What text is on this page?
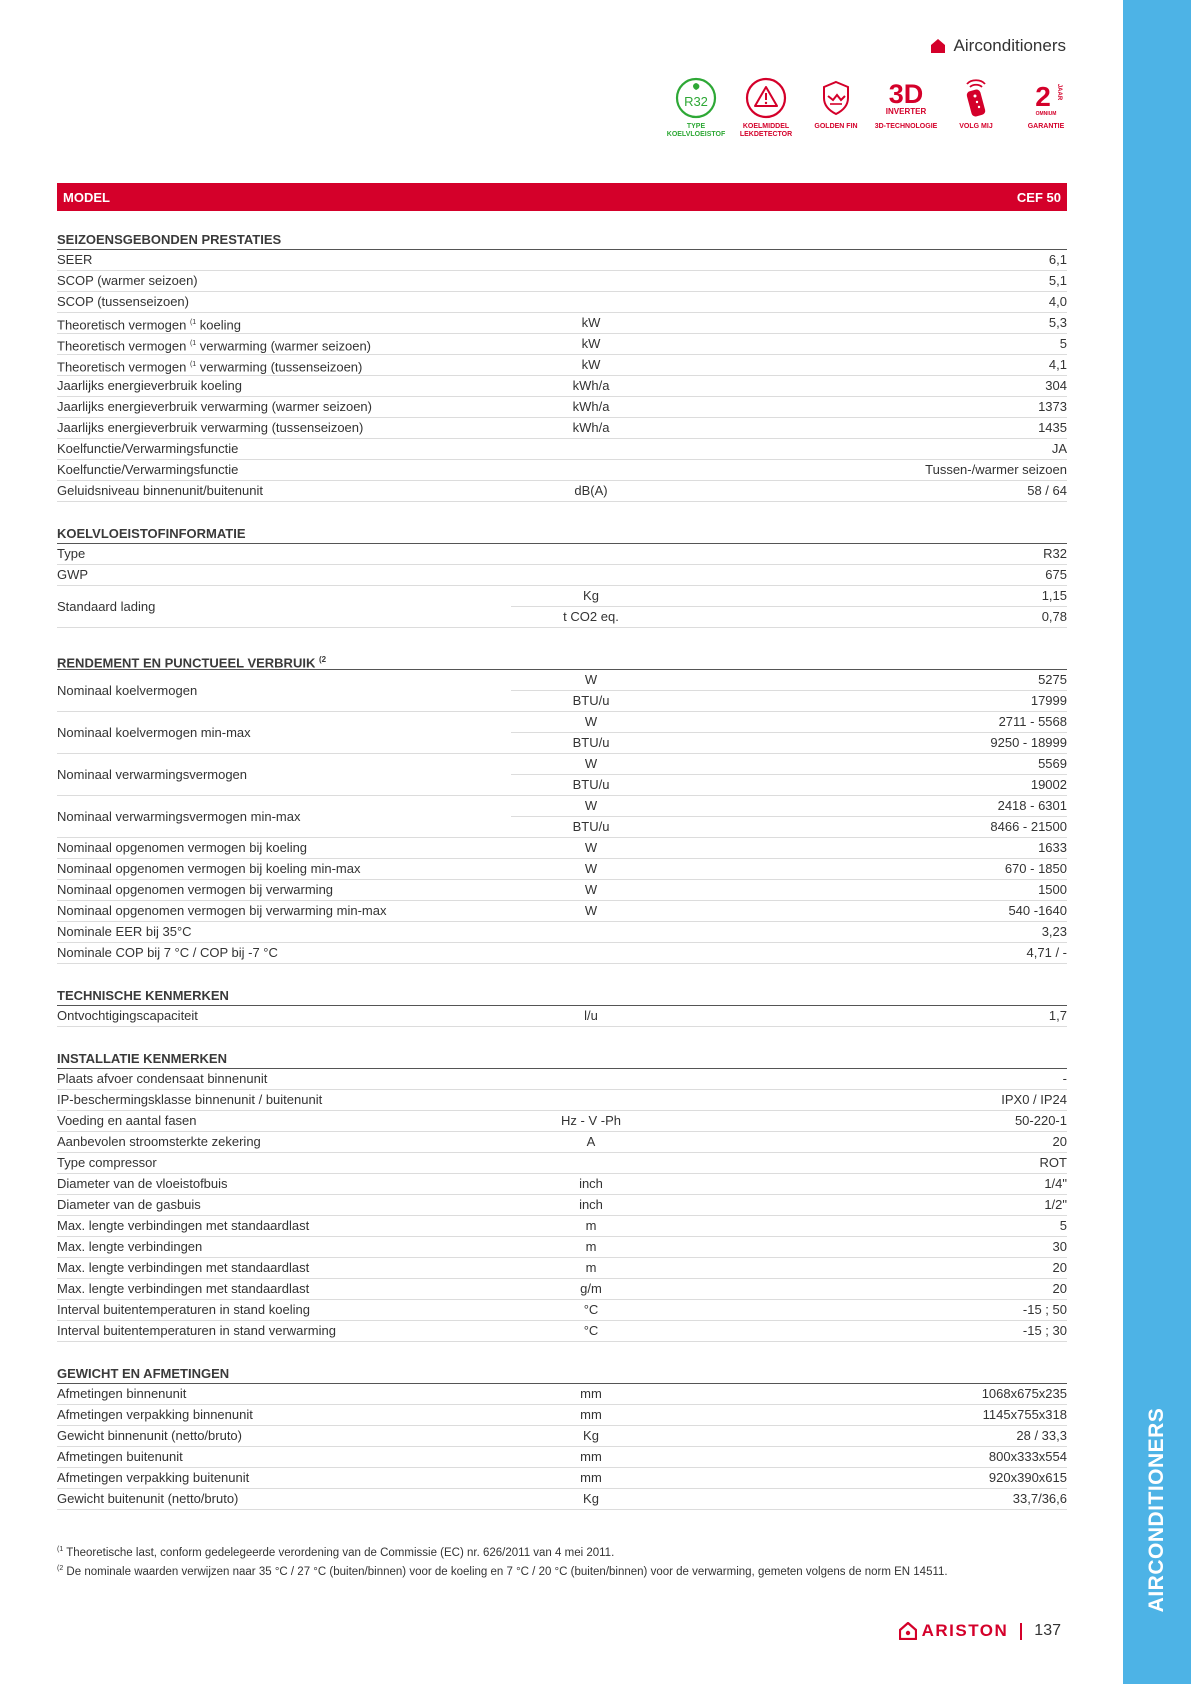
AIRCONDITIONERS
Airconditioners
R32
TYPE KOELVLOEISTOF
KOELMIDDEL LEKDETECTOR
GOLDEN FIN
3D
INVERTER
3D-TECHNOLOGIE	VOLG MIJ
2 JAAR
OMNIUM
GARANTIE
MODEL	CEF 50
SEIZOENSGEBONDEN PRESTATIES
SEER	6,1
SCOP (warmer seizoen)	5,1
SCOP (tussenseizoen)	4,0
Theoretisch vermogen $^{(1}$ koeling	kW	5,3
Theoretisch vermogen $^{(1}$ verwarming (warmer seizoen)	kW	5
Theoretisch vermogen $^{(1}$ verwarming (tussenseizoen)	kW	4,1
Jaarlijks energieverbruik koeling	kWh/a	304
Jaarlijks energieverbruik verwarming (warmer seizoen)	kWh/a	1373
Jaarlijks energieverbruik verwarming (tussenseizoen)	kWh/a	1435
Koelfunctie/Verwarmingsfunctie	JA
Koelfunctie/Verwarmingsfunctie	Tussen-/warmer seizoen
Geluidsniveau binnenunit/buitenunit	dB(A)	58 / 64
KOELVLOEISTOFINFORMATIE
Type	R32
GWP	675
Standaard lading
Kg	1,15
t CO2 eq.	0,78
RENDEMENT EN PUNCTUEEL VERBRUIK $^{(2}$
Nominaal koelvermogen
W	5275
BTU/u	17999
Nominaal koelvermogen min-max
W	2711 - 5568
BTU/u	9250 - 18999
Nominaal verwarmingsvermogen
W	5569
BTU/u	19002
Nominaal verwarmingsvermogen min-max
W	2418 - 6301
BTU/u	8466 - 21500
Nominaal opgenomen vermogen bij koeling	W	1633
Nominaal opgenomen vermogen bij koeling min-max	W	670 - 1850
Nominaal opgenomen vermogen bij verwarming	W	1500
Nominaal opgenomen vermogen bij verwarming min-max	W	540 -1640
Nominale EER bij 35°C	3,23
Nominale COP bij 7 °C / COP bij -7 °C	4,71 / -
TECHNISCHE KENMERKEN
Ontvochtigingscapaciteit	l/u	1,7
INSTALLATIE KENMERKEN
Plaats afvoer condensaat binnenunit	-
IP-beschermingsklasse binnenunit / buitenunit	IPX0 / IP24
Voeding en aantal fasen	Hz - V -Ph	50-220-1
Aanbevolen stroomsterkte zekering	A	20
Type compressor	ROT
Diameter van de vloeistofbuis	inch	1/4"
Diameter van de gasbuis	inch	1/2"
Max. lengte verbindingen met standaardlast	m	5
Max. lengte verbindingen	m	30
Max. lengte verbindingen met standaardlast	m	20
Max. lengte verbindingen met standaardlast	g/m	20
Interval buitentemperaturen in stand koeling	°C	-15 ; 50
Interval buitentemperaturen in stand verwarming	°C	-15 ; 30
GEWICHT EN AFMETINGEN
Afmetingen binnenunit	mm	1068x675x235
Afmetingen verpakking binnenunit	mm	1145x755x318
Gewicht binnenunit (netto/bruto)	Kg	28 / 33,3
Afmetingen buitenunit	mm	800x333x554
Afmetingen verpakking buitenunit	mm	920x390x615
Gewicht buitenunit (netto/bruto)	Kg	33,7/36,6
$^{(1}$ Theoretische last, conform gedelegeerde verordening van de Commissie (EC) nr. 626/2011 van 4 mei 2011.
$^{(2}$ De nominale waarden verwijzen naar 35 °C / 27 °C (buiten/binnen) voor de koeling en 7 °C / 20 °C (buiten/binnen) voor de verwarming, gemeten volgens de norm EN 14511.
ARISTON 137
